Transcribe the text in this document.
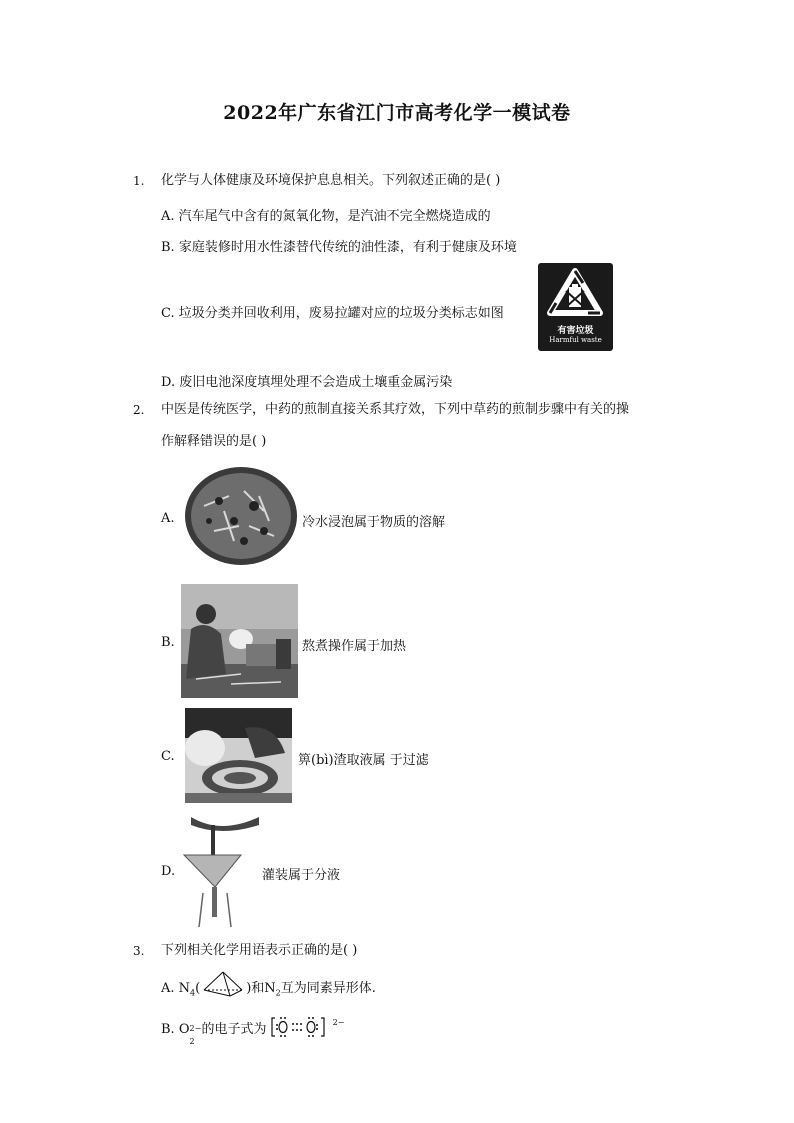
2022年广东省江门市高考化学一模试卷
1. 化学与人体健康及环境保护息息相关。下列叙述正确的是( )
A. 汽车尾气中含有的氮氧化物，是汽油不完全燃烧造成的
B. 家庭装修时用水性漆替代传统的油性漆，有利于健康及环境
C. 垃圾分类并回收利用，废易拉罐对应的垃圾分类标志如图
有害垃圾
Harmful waste
D. 废旧电池深度填埋处理不会造成土壤重金属污染
2. 中医是传统医学，中药的煎制直接关系其疗效，下列中草药的煎制步骤中有关的操
作解释错误的是( )
A.	冷水浸泡属于物质的溶解
B.	熬煮操作属于加热
C.	箅(bì)渣取液属 于过滤
D.	灌装属于分液
3. 下列相关化学用语表示正确的是( )
A. $N_4$(	)和$N_2$互为同素异形体.
B. O 2−
2
的电子式为	$^{2-}$
